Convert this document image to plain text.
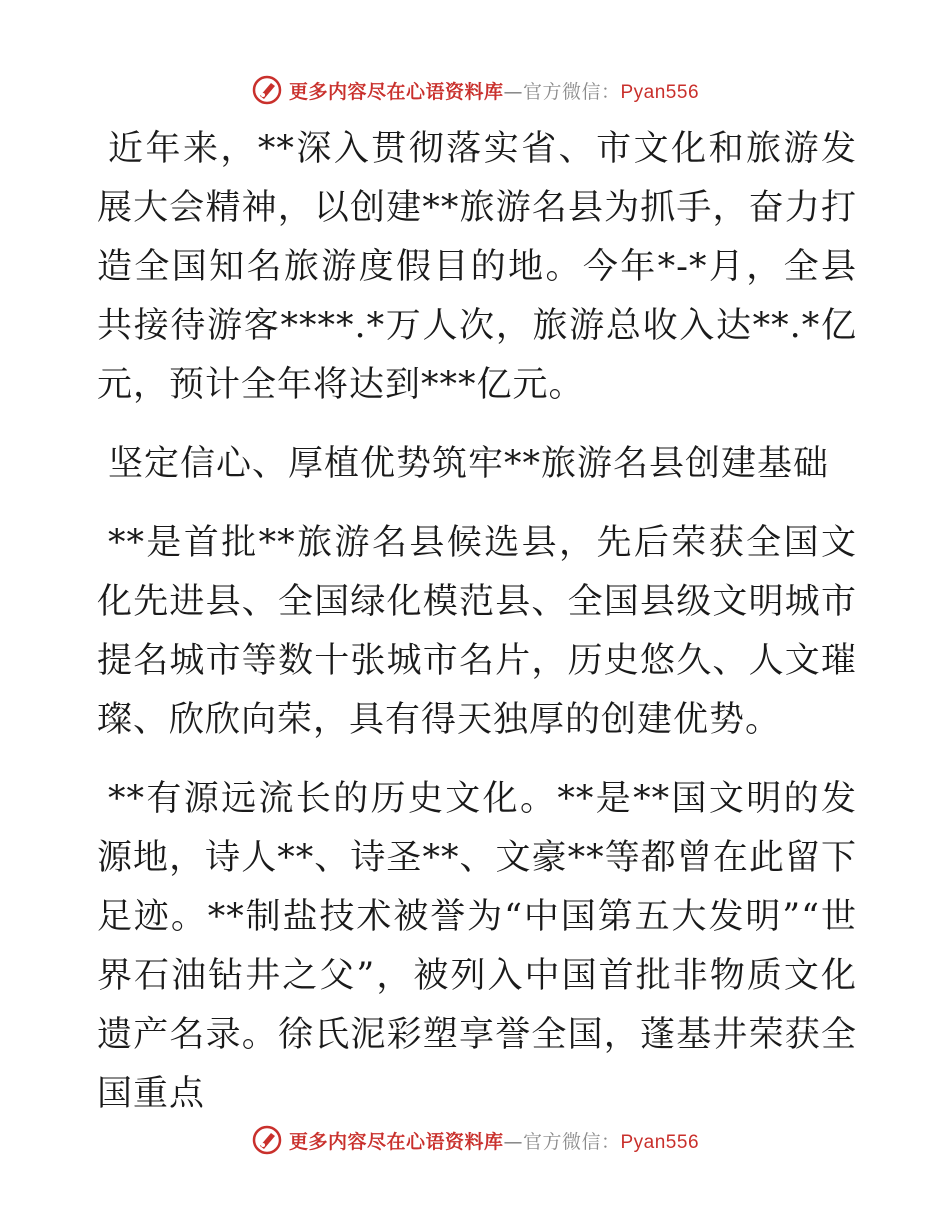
更多内容尽在心语资料库—官方微信：Pyan556

近年来，**深入贯彻落实省、市文化和旅游发展大会精神，以创建**旅游名县为抓手，奋力打造全国知名旅游度假目的地。今年*-*月，全县共接待游客****.*万人次，旅游总收入达**.*亿元，预计全年将达到***亿元。

坚定信心、厚植优势筑牢**旅游名县创建基础

**是首批**旅游名县候选县，先后荣获全国文化先进县、全国绿化模范县、全国县级文明城市提名城市等数十张城市名片，历史悠久、人文璀璨、欣欣向荣，具有得天独厚的创建优势。

**有源远流长的历史文化。**是**国文明的发源地，诗人**、诗圣**、文豪**等都曾在此留下足迹。**制盐技术被誉为“中国第五大发明”“世界石油钻井之父”，被列入中国首批非物质文化遗产名录。徐氏泥彩塑享誉全国，蓬基井荣获全国重点

更多内容尽在心语资料库—官方微信：Pyan556
